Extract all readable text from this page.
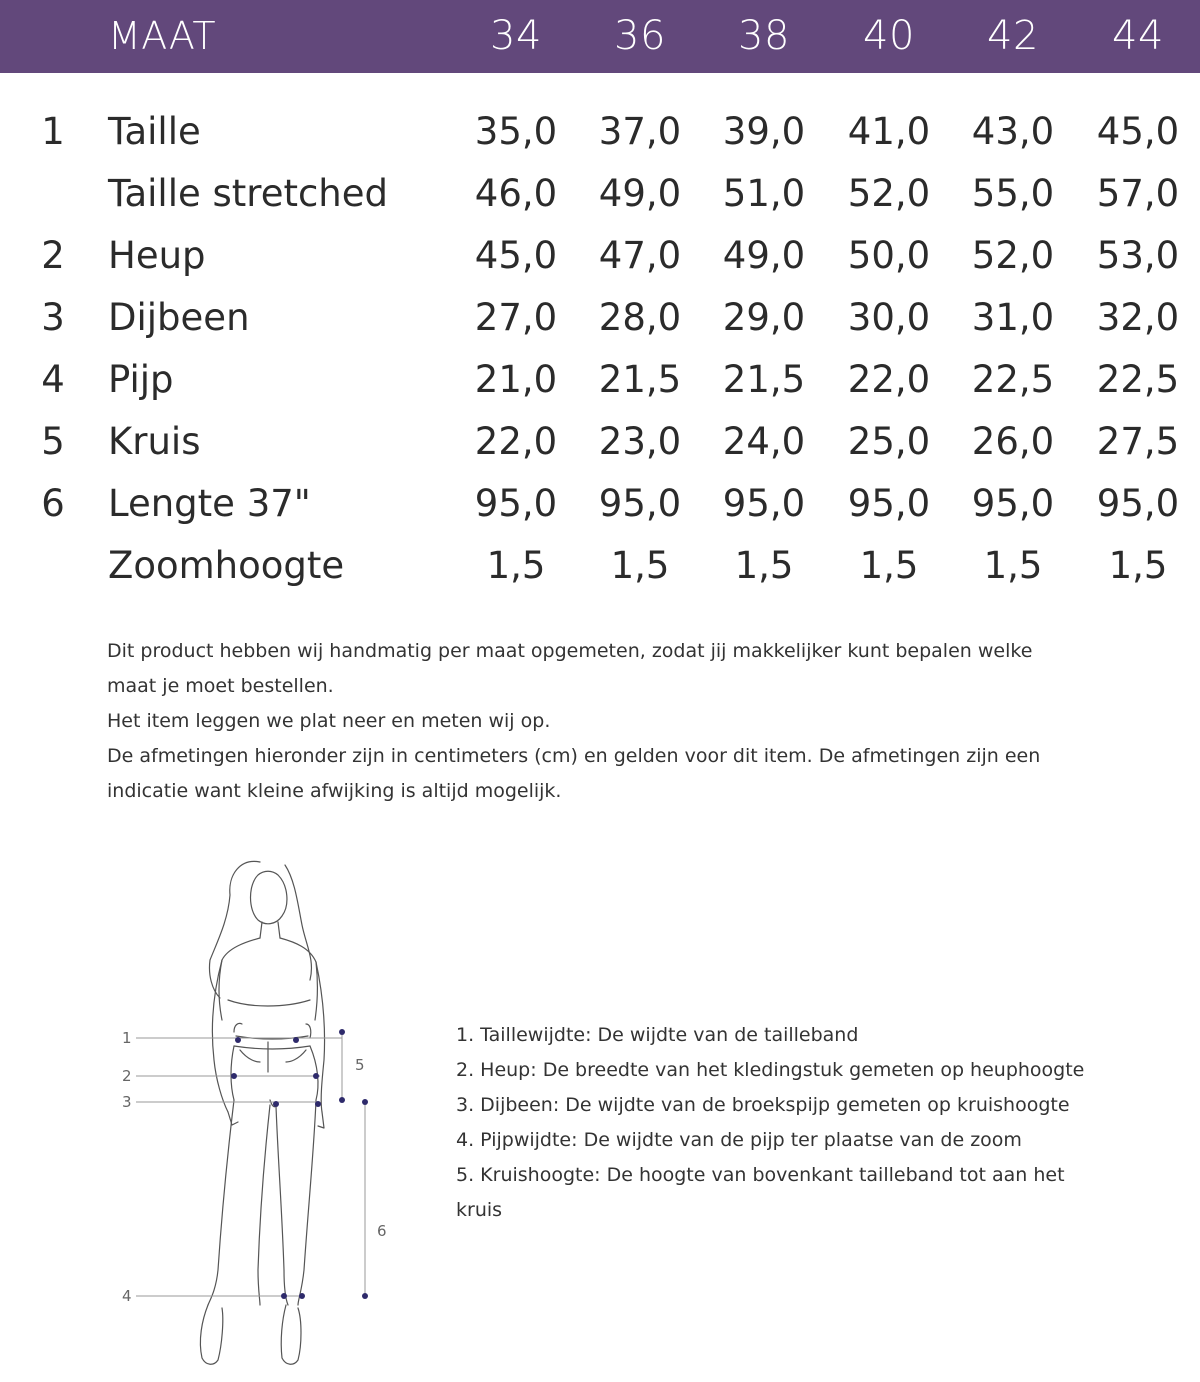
MAAT	34	36	38	40	42	44
1 Taille	35,0	37,0	39,0	41,0	43,0	45,0
Taille stretched	46,0	49,0	51,0	52,0	55,0	57,0
2 Heup	45,0	47,0	49,0	50,0	52,0	53,0
3 Dijbeen	27,0	28,0	29,0	30,0	31,0	32,0
4 Pijp	21,0	21,5	21,5	22,0	22,5	22,5
5 Kruis	22,0	23,0	24,0	25,0	26,0	27,5
6 Lengte 37"	95,0	95,0	95,0	95,0	95,0	95,0
Zoomhoogte	1,5	1,5	1,5	1,5	1,5	1,5

Dit product hebben wij handmatig per maat opgemeten, zodat jij makkelijker kunt bepalen welke maat je moet bestellen.

Het item leggen we plat neer en meten wij op.

De afmetingen hieronder zijn in centimeters (cm) en gelden voor dit item. De afmetingen zijn een indicatie want kleine afwijking is altijd mogelijk.

1
2
3
4
5
6

1. Taillewijdte: De wijdte van de tailleband

2. Heup: De breedte van het kledingstuk gemeten op heuphoogte

3. Dijbeen: De wijdte van de broekspijp gemeten op kruishoogte

4. Pijpwijdte: De wijdte van de pijp ter plaatse van de zoom

5. Kruishoogte: De hoogte van bovenkant tailleband tot aan het kruis
